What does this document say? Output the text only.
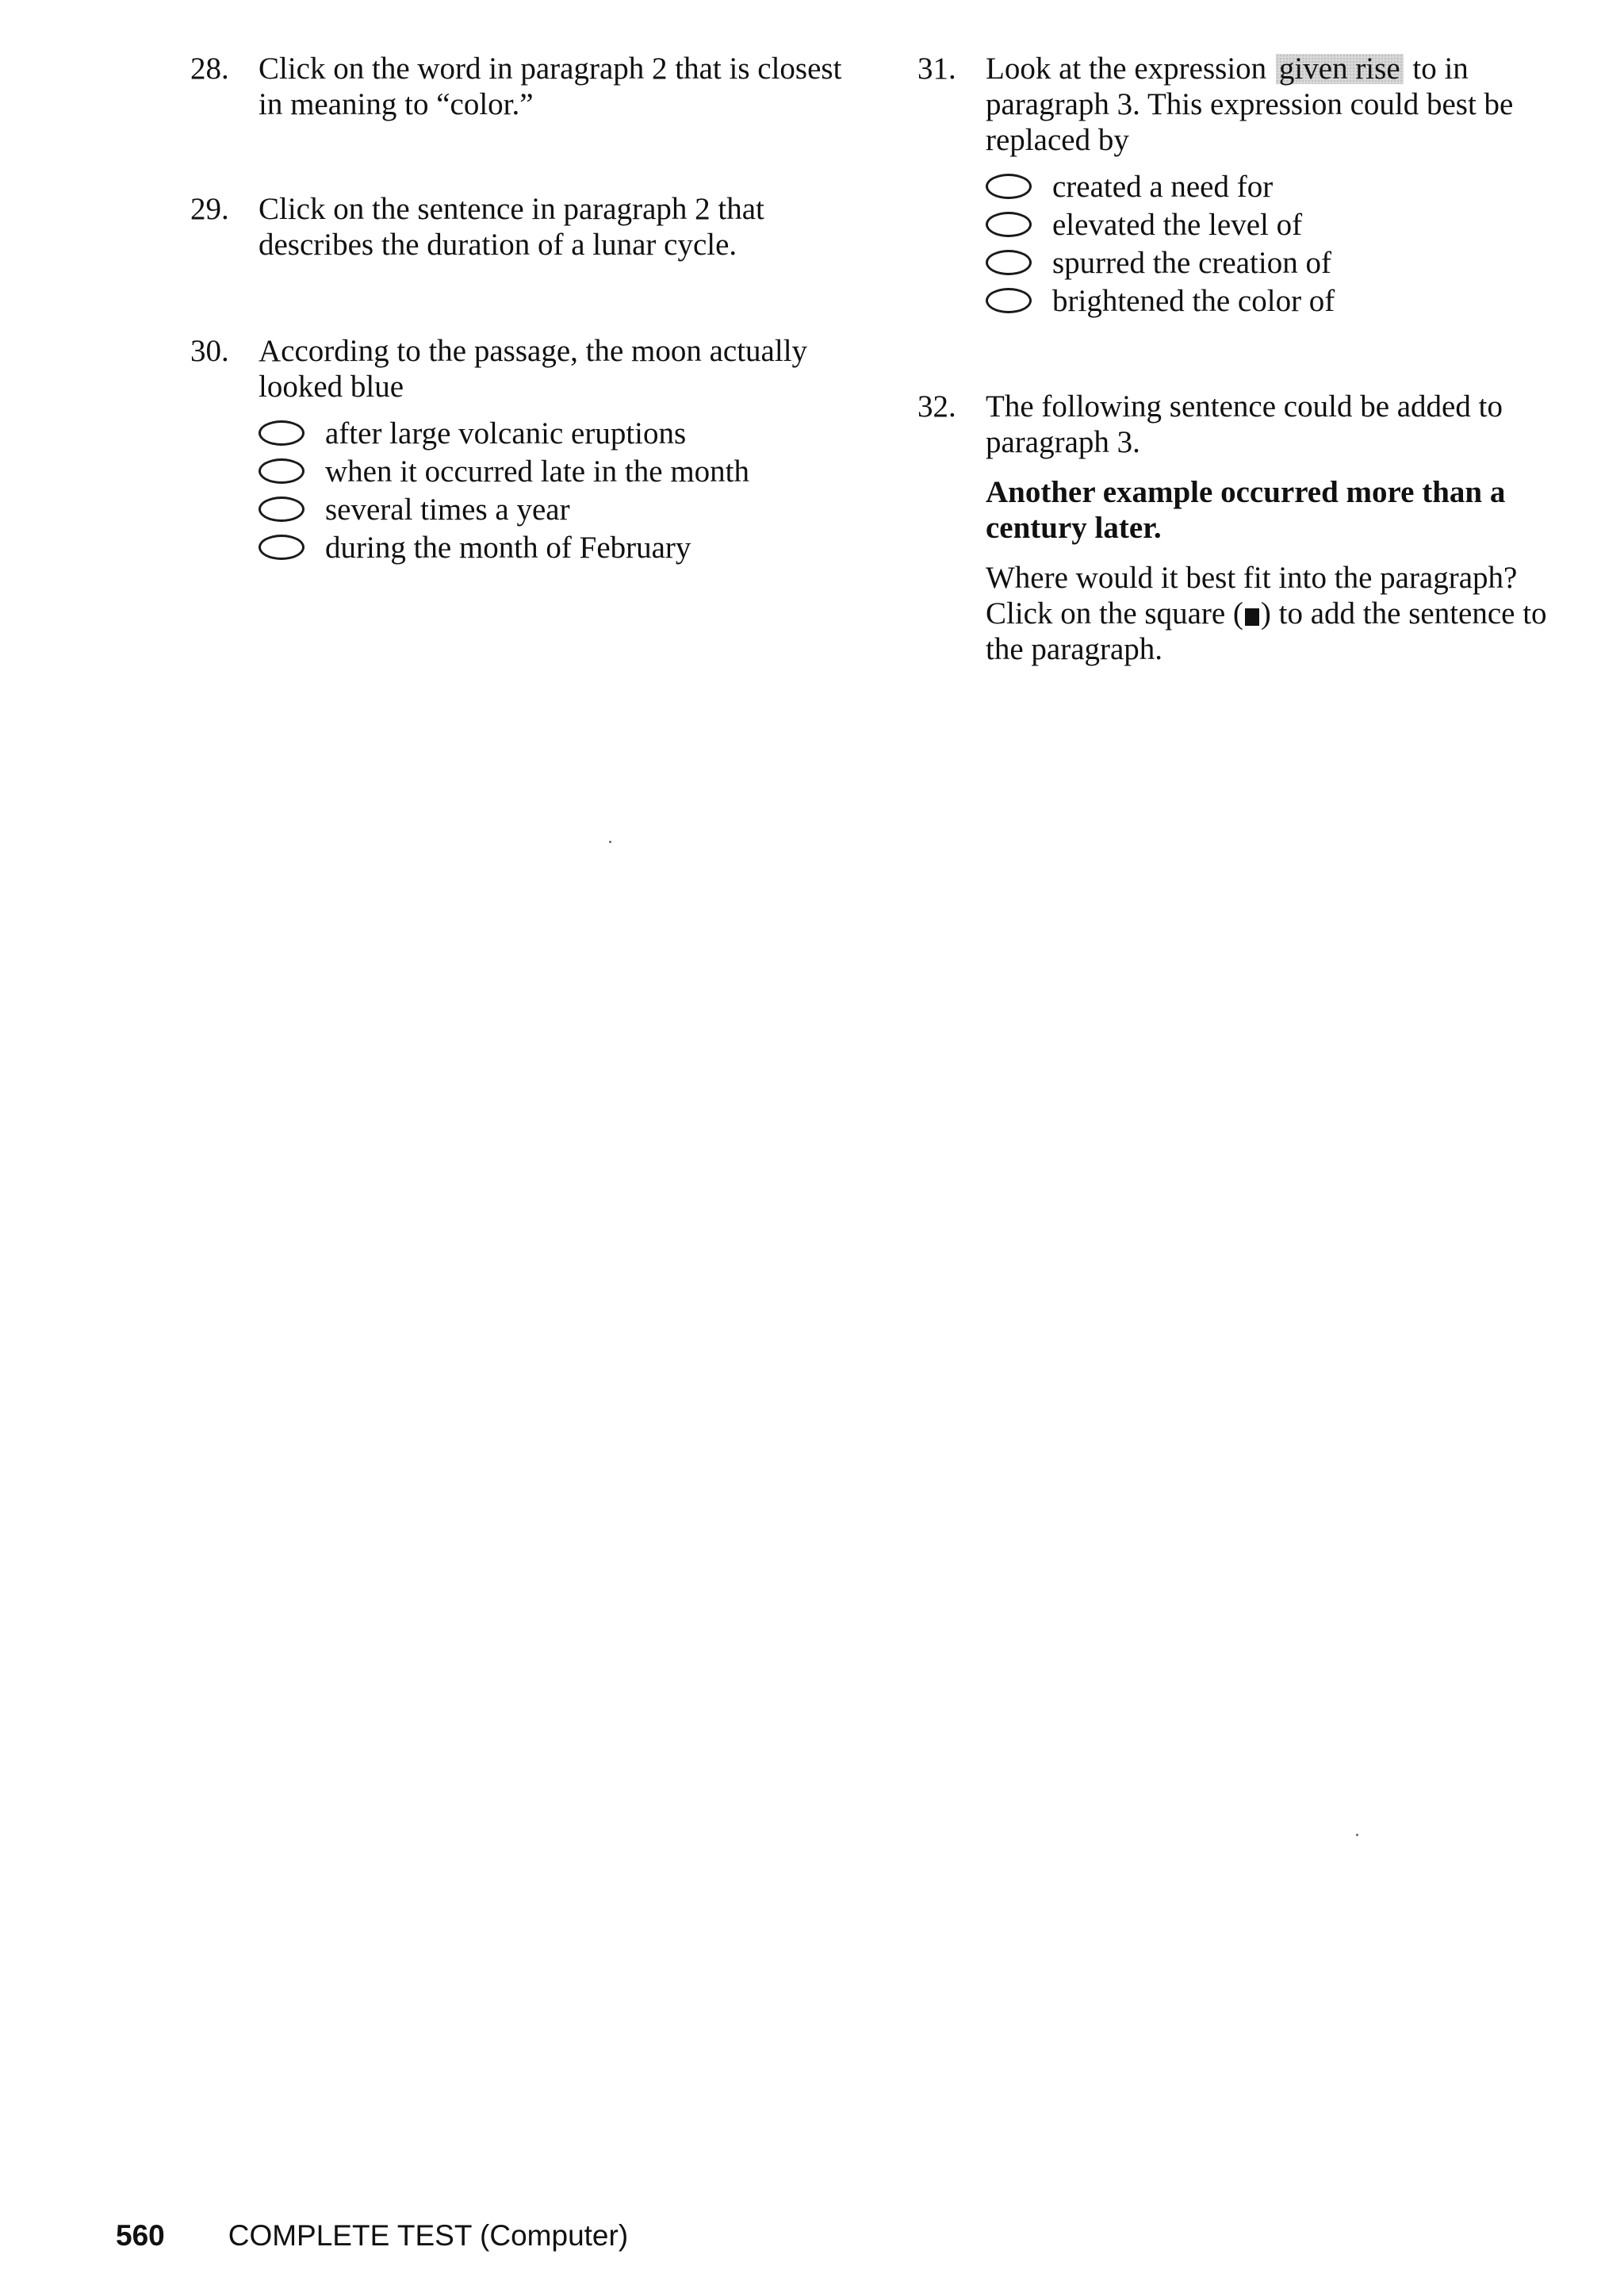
28. Click on the word in paragraph 2 that is closest in meaning to “color.”
29. Click on the sentence in paragraph 2 that describes the duration of a lunar cycle.
30. According to the passage, the moon actually looked blue
after large volcanic eruptions
when it occurred late in the month
several times a year
during the month of February
31. Look at the expression given rise to in paragraph 3. This expression could best be replaced by
created a need for
elevated the level of
spurred the creation of
brightened the color of
32. The following sentence could be added to paragraph 3.
Another example occurred more than a century later.
Where would it best fit into the paragraph? Click on the square ( ) to add the sentence to the paragraph.
560 COMPLETE TEST (Computer)
